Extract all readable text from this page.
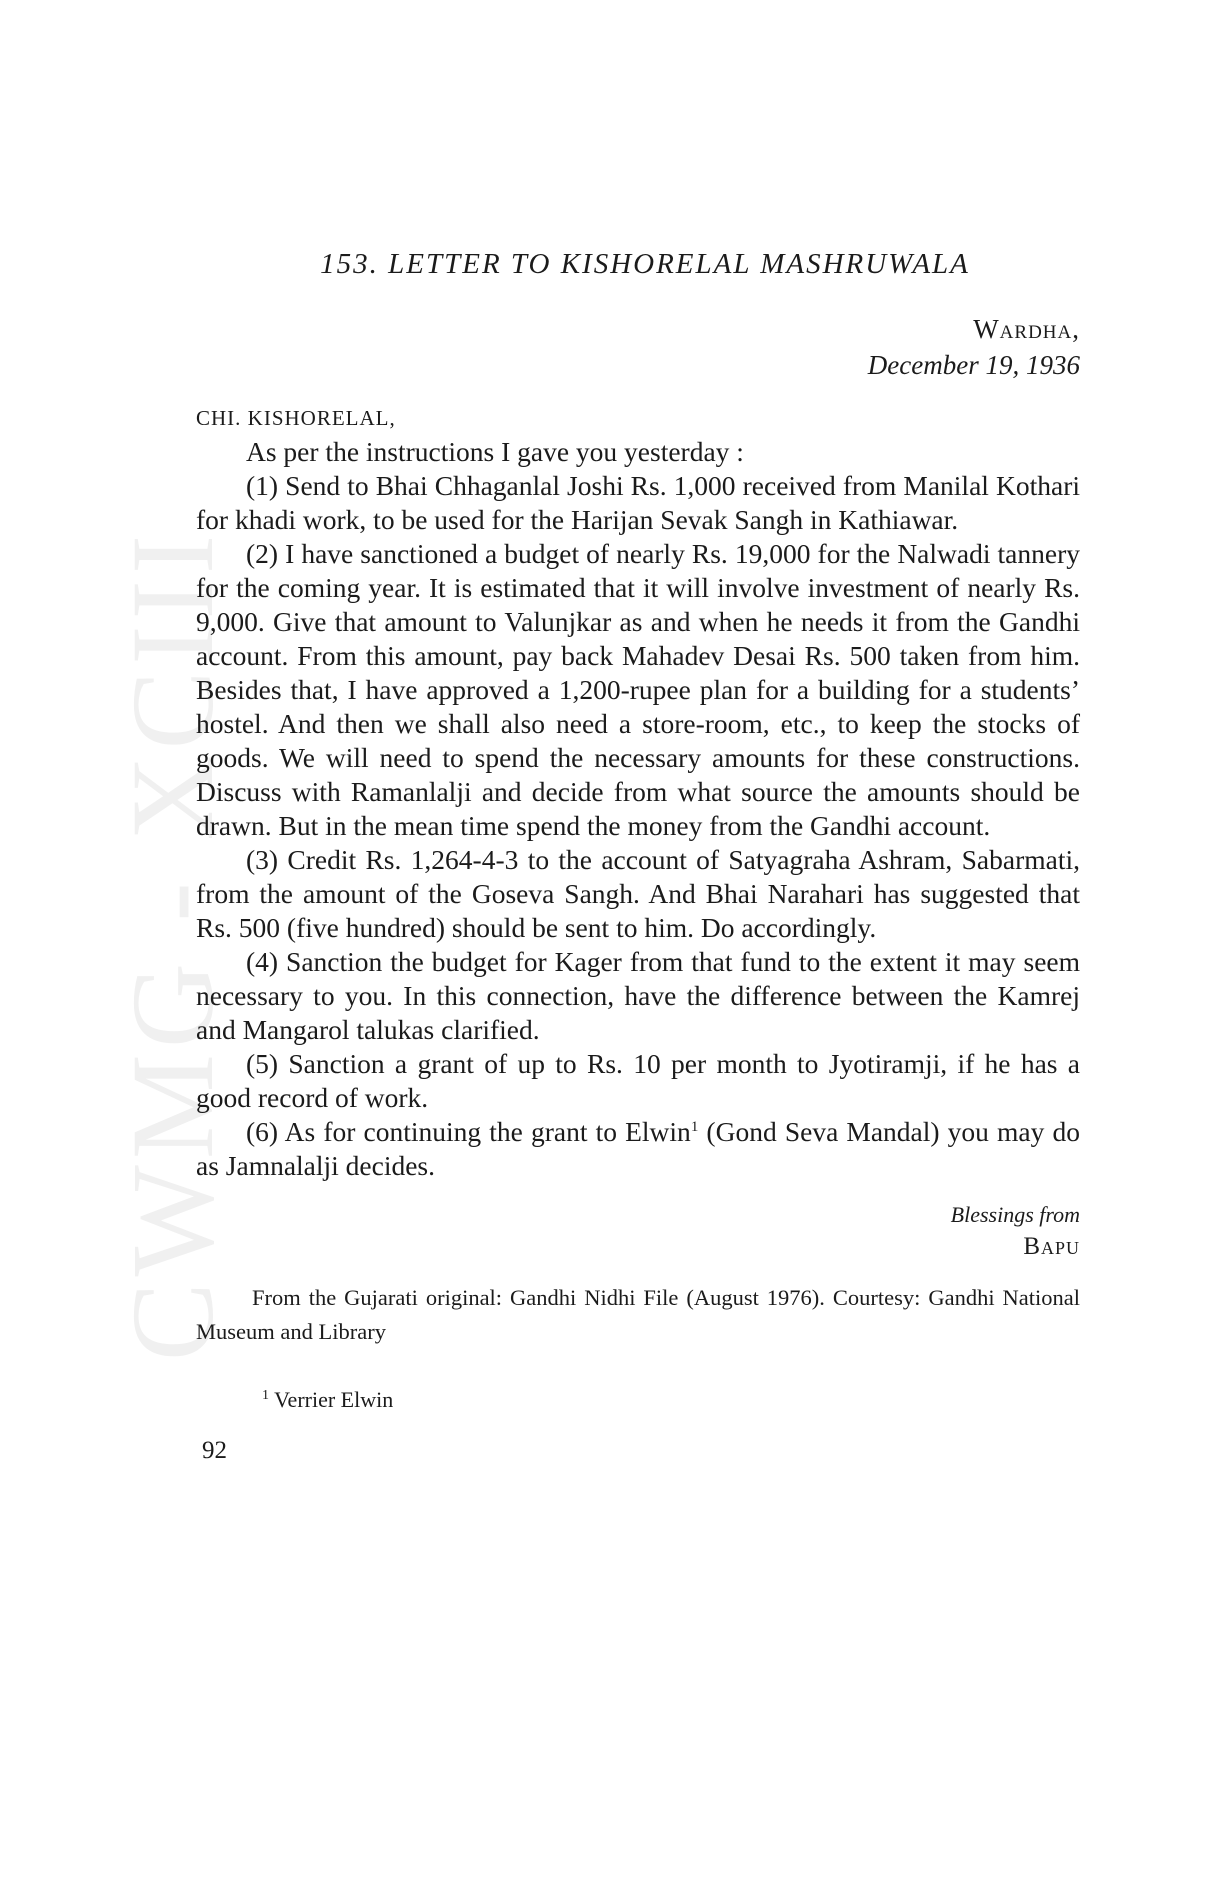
CWMG - XCIII
153. LETTER TO KISHORELAL MASHRUWALA
Wardha,
December 19, 1936
CHI. KISHORELAL,

As per the instructions I gave you yesterday :

(1) Send to Bhai Chhaganlal Joshi Rs. 1,000 received from Manilal Kothari for khadi work, to be used for the Harijan Sevak Sangh in Kathiawar.

(2) I have sanctioned a budget of nearly Rs. 19,000 for the Nalwadi tannery for the coming year. It is estimated that it will involve investment of nearly Rs. 9,000. Give that amount to Valunjkar as and when he needs it from the Gandhi account. From this amount, pay back Mahadev Desai Rs. 500 taken from him. Besides that, I have approved a 1,200-rupee plan for a building for a students’ hostel. And then we shall also need a store-room, etc., to keep the stocks of goods. We will need to spend the necessary amounts for these constructions. Discuss with Ramanlalji and decide from what source the amounts should be drawn. But in the mean time spend the money from the Gandhi account.

(3) Credit Rs. 1,264-4-3 to the account of Satyagraha Ashram, Sabarmati, from the amount of the Goseva Sangh. And Bhai Narahari has suggested that Rs. 500 (five hundred) should be sent to him. Do accordingly.

(4) Sanction the budget for Kager from that fund to the extent it may seem necessary to you. In this connection, have the difference between the Kamrej and Mangarol talukas clarified.

(5) Sanction a grant of up to Rs. 10 per month to Jyotiramji, if he has a good record of work.

(6) As for continuing the grant to Elwin$^1$ (Gond Seva Mandal) you may do as Jamnalalji decides.

Blessings from
Bapu
From the Gujarati original: Gandhi Nidhi File (August 1976). Courtesy: Gandhi National Museum and Library
$^1$ Verrier Elwin
92
